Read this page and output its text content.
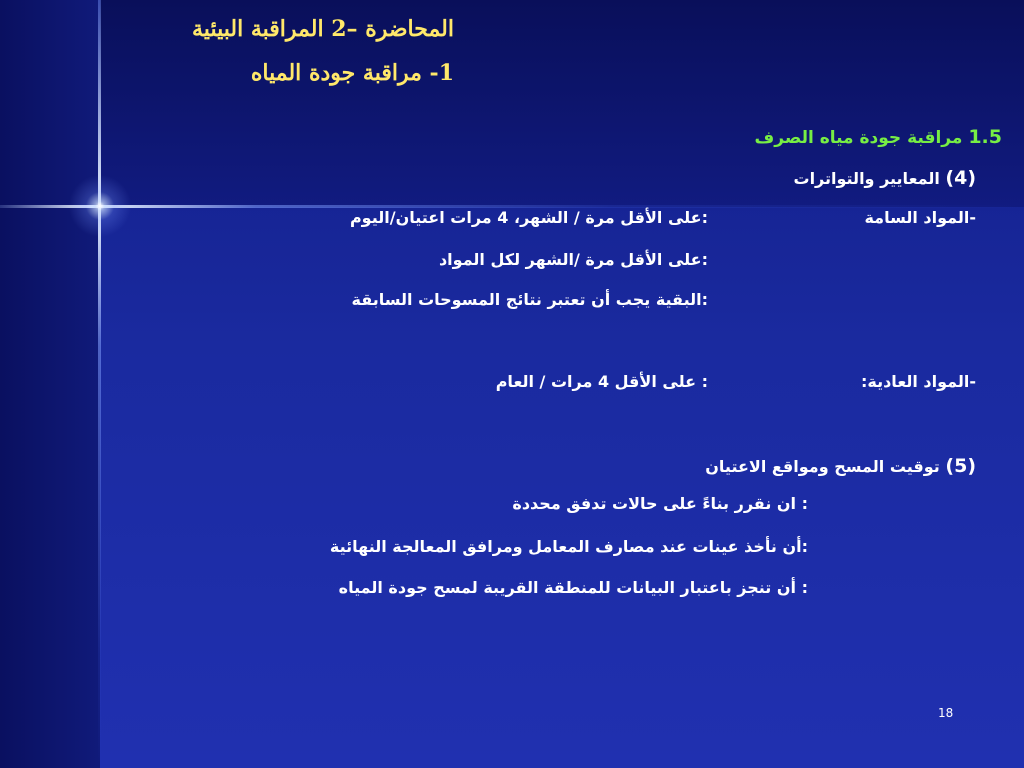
المحاضرة –2 المراقبة البيئية
1- مراقبة جودة المياه
1.5 مراقبة جودة مياه الصرف
(4) المعايير والتواترات
-المواد السامة
:على الأقل مرة / الشهر، 4 مرات اعتيان/اليوم
:على الأقل مرة /الشهر لكل المواد
:البقية يجب أن تعتبر نتائج المسوحات السابقة
-المواد العادية:
: على الأقل 4 مرات / العام
(5) توقيت المسح ومواقع الاعتيان
: ان نقرر بناءً على حالات تدفق محددة
:أن نأخذ عينات عند مصارف المعامل ومرافق المعالجة النهائية
: أن تنجز باعتبار البيانات للمنطقة القريبة لمسح جودة المياه
18
